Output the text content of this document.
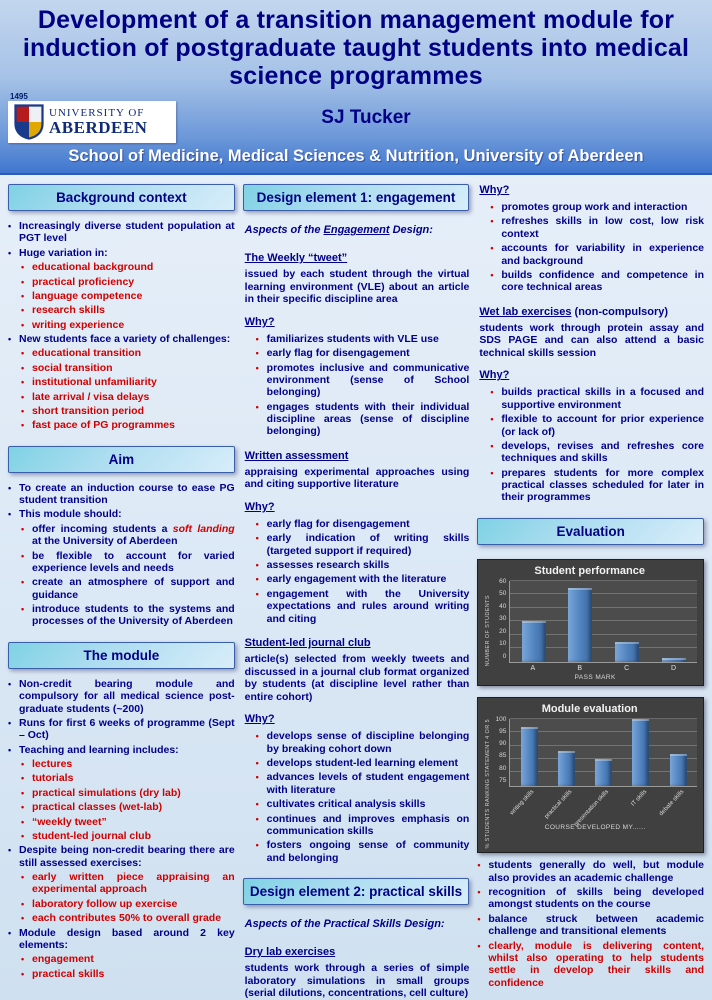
Development of a transition management module for induction of postgraduate taught students into medical science programmes
1495
UNIVERSITY OF
ABERDEEN	SJ Tucker
School of Medicine, Medical Sciences & Nutrition, University of Aberdeen
Background context
• Increasingly diverse student population at PGT level
• Huge variation in:
• educational background
• practical proficiency
• language competence
• research skills
• writing experience
• New students face a variety of challenges:
• educational transition
• social transition
• institutional unfamiliarity
• late arrival / visa delays
• short transition period
• fast pace of PG programmes
Aim
• To create an induction course to ease PG student transition
• This module should:
• offer incoming students a soft landing at the University of Aberdeen
• be flexible to account for varied experience levels and needs
• create an atmosphere of support and guidance
• introduce students to the systems and processes of the University of Aberdeen
The module
• Non-credit bearing module and compulsory for all medical science post-graduate students (~200)
• Runs for first 6 weeks of programme (Sept – Oct)
• Teaching and learning includes:
• lectures
• tutorials
• practical simulations (dry lab)
• practical classes (wet-lab)
• “weekly tweet”
• student-led journal club
• Despite being non-credit bearing there are still assessed exercises:
• early written piece appraising an experimental approach
• laboratory follow up exercise
• each contributes 50% to overall grade
• Module design based around 2 key elements:
• engagement
• practical skills
Design element 1: engagement
Aspects of the Engagement Design:
The Weekly “tweet”
issued by each student through the virtual learning environment (VLE) about an article in their specific discipline area
Why?
• familiarizes students with VLE use
• early flag for disengagement
• promotes inclusive and communicative environment (sense of School belonging)
• engages students with their individual discipline areas (sense of discipline belonging)
Written assessment
appraising experimental approaches using and citing supportive literature
Why?
• early flag for disengagement
• early indication of writing skills (targeted support if required)
• assesses research skills
• early engagement with the literature
• engagement with the University expectations and rules around writing and citing
Student-led journal club
article(s) selected from weekly tweets and discussed in a journal club format organized by students (at discipline level rather than entire cohort)
Why?
• develops sense of discipline belonging by breaking cohort down
• develops student-led learning element
• advances levels of student engagement with literature
• cultivates critical analysis skills
• continues and improves emphasis on communication skills
• fosters ongoing sense of community and belonging
Design element 2: practical skills
Aspects of the Practical Skills Design:
Dry lab exercises
students work through a series of simple laboratory simulations in small groups (serial dilutions, concentrations, cell culture)
Why?
• promotes group work and interaction
• refreshes skills in low cost, low risk context
• accounts for variability in experience and background
• builds confidence and competence in core technical areas
Wet lab exercises (non-compulsory)
students work through protein assay and SDS PAGE and can also attend a basic technical skills session
Why?
• builds practical skills in a focused and supportive environment
• flexible to account for prior experience (or lack of)
• develops, revises and refreshes core techniques and skills
• prepares students for more complex practical classes scheduled for later in their programmes
Evaluation
Student performance
NUMBER OF STUDENTS
60
50
40
30
20
10
0
A	B	C	D
PASS MARK
Module evaluation
% STUDENTS RANKING STATEMENT 4 OR 5 100
95
90
85
80
75
writing skills practical skills presentation skills	IT skills debate skills
COURSE DEVELOPED MY......
• students generally do well, but module also provides an academic challenge
• recognition of skills being developed amongst students on the course
• balance struck between academic challenge and transitional elements
• clearly, module is delivering content, whilst also operating to help students settle in develop their skills and confidence
